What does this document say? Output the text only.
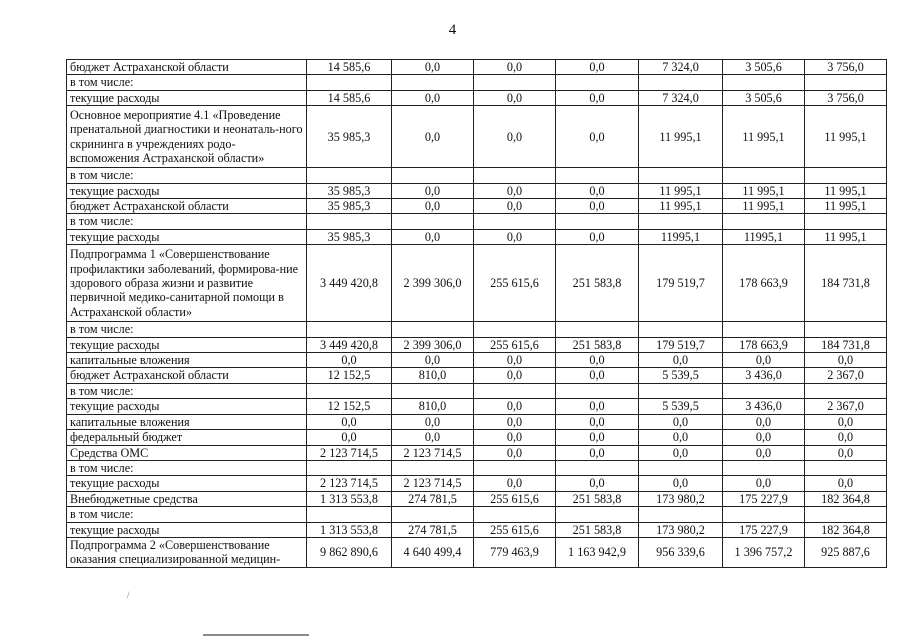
4
бюджет Астраханской области	14 585,6	0,0	0,0	0,0	7 324,0	3 505,6	3 756,0
в том числе:							
текущие расходы	14 585,6	0,0	0,0	0,0	7 324,0	3 505,6	3 756,0
Основное мероприятие 4.1 «Проведение пренатальной диагностики и неонаталь-ного скрининга в учреждениях родо-вспоможения Астраханской области»	35 985,3	0,0	0,0	0,0	11 995,1	11 995,1	11 995,1
в том числе:							
текущие расходы	35 985,3	0,0	0,0	0,0	11 995,1	11 995,1	11 995,1
бюджет Астраханской области	35 985,3	0,0	0,0	0,0	11 995,1	11 995,1	11 995,1
в том числе:							
текущие расходы	35 985,3	0,0	0,0	0,0	11995,1	11995,1	11 995,1
Подпрограмма 1 «Совершенствование профилактики заболеваний, формирова-ние здорового образа жизни и развитие первичной медико-санитарной помощи в Астраханской области»	3 449 420,8	2 399 306,0	255 615,6	251 583,8	179 519,7	178 663,9	184 731,8
в том числе:							
текущие расходы	3 449 420,8	2 399 306,0	255 615,6	251 583,8	179 519,7	178 663,9	184 731,8
капитальные вложения	0,0	0,0	0,0	0,0	0,0	0,0	0,0
бюджет Астраханской области	12 152,5	810,0	0,0	0,0	5 539,5	3 436,0	2 367,0
в том числе:							
текущие расходы	12 152,5	810,0	0,0	0,0	5 539,5	3 436,0	2 367,0
капитальные вложения	0,0	0,0	0,0	0,0	0,0	0,0	0,0
федеральный бюджет	0,0	0,0	0,0	0,0	0,0	0,0	0,0
Средства ОМС	2 123 714,5	2 123 714,5	0,0	0,0	0,0	0,0	0,0
в том числе:							
текущие расходы	2 123 714,5	2 123 714,5	0,0	0,0	0,0	0,0	0,0
Внебюджетные средства	1 313 553,8	274 781,5	255 615,6	251 583,8	173 980,2	175 227,9	182 364,8
в том числе:							
текущие расходы	1 313 553,8	274 781,5	255 615,6	251 583,8	173 980,2	175 227,9	182 364,8
Подпрограмма 2 «Совершенствование оказания специализированной медицин-	9 862 890,6	4 640 499,4	779 463,9	1 163 942,9	956 339,6	1 396 757,2	925 887,6
/
